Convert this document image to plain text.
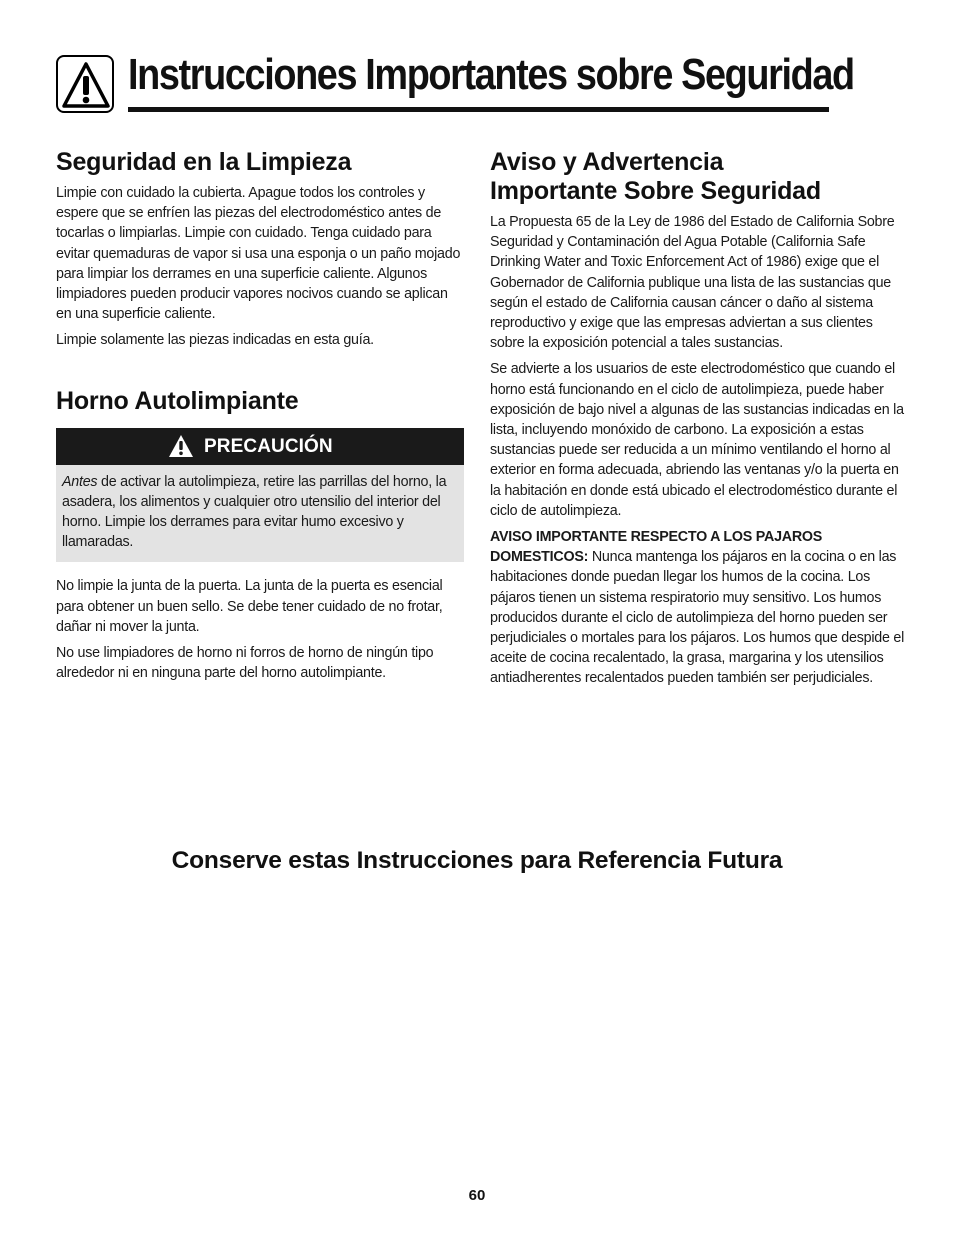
Instrucciones Importantes sobre Seguridad
Seguridad en la Limpieza

Limpie con cuidado la cubierta. Apague todos los controles y espere que se enfríen las piezas del electrodoméstico antes de tocarlas o limpiarlas. Limpie con cuidado. Tenga cuidado para evitar quemaduras de vapor si usa una esponja o un paño mojado para limpiar los derrames en una superficie caliente. Algunos limpiadores pueden producir vapores nocivos cuando se aplican en una superficie caliente.

Limpie solamente las piezas indicadas en esta guía.

Horno Autolimpiante
PRECAUCIÓN

Antes de activar la autolimpieza, retire las parrillas del horno, la asadera, los alimentos y cualquier otro utensilio del interior del horno. Limpie los derrames para evitar humo excesivo y llamaradas.

No limpie la junta de la puerta. La junta de la puerta es esencial para obtener un buen sello. Se debe tener cuidado de no frotar, dañar ni mover la junta.

No use limpiadores de horno ni forros de horno de ningún tipo alrededor ni en ninguna parte del horno autolimpiante.

Aviso y Advertencia
Importante Sobre Seguridad

La Propuesta 65 de la Ley de 1986 del Estado de California Sobre Seguridad y Contaminación del Agua Potable (California Safe Drinking Water and Toxic Enforcement Act of 1986) exige que el Gobernador de California publique una lista de las sustancias que según el estado de California causan cáncer o daño al sistema reproductivo y exige que las empresas adviertan a sus clientes sobre la exposición potencial a tales sustancias.

Se advierte a los usuarios de este electrodoméstico que cuando el horno está funcionando en el ciclo de autolimpieza, puede haber exposición de bajo nivel a algunas de las sustancias indicadas en la lista, incluyendo monóxido de carbono. La exposición a estas sustancias puede ser reducida a un mínimo ventilando el horno al exterior en forma adecuada, abriendo las ventanas y/o la puerta en la habitación en donde está ubicado el electrodoméstico durante el ciclo de autolimpieza.

AVISO IMPORTANTE RESPECTO A LOS PAJAROS DOMESTICOS: Nunca mantenga los pájaros en la cocina o en las habitaciones donde puedan llegar los humos de la cocina. Los pájaros tienen un sistema respiratorio muy sensitivo. Los humos producidos durante el ciclo de autolimpieza del horno pueden ser perjudiciales o mortales para los pájaros. Los humos que despide el aceite de cocina recalentado, la grasa, margarina y los utensilios antiadherentes recalentados pueden también ser perjudiciales.

Conserve estas Instrucciones para Referencia Futura
60
